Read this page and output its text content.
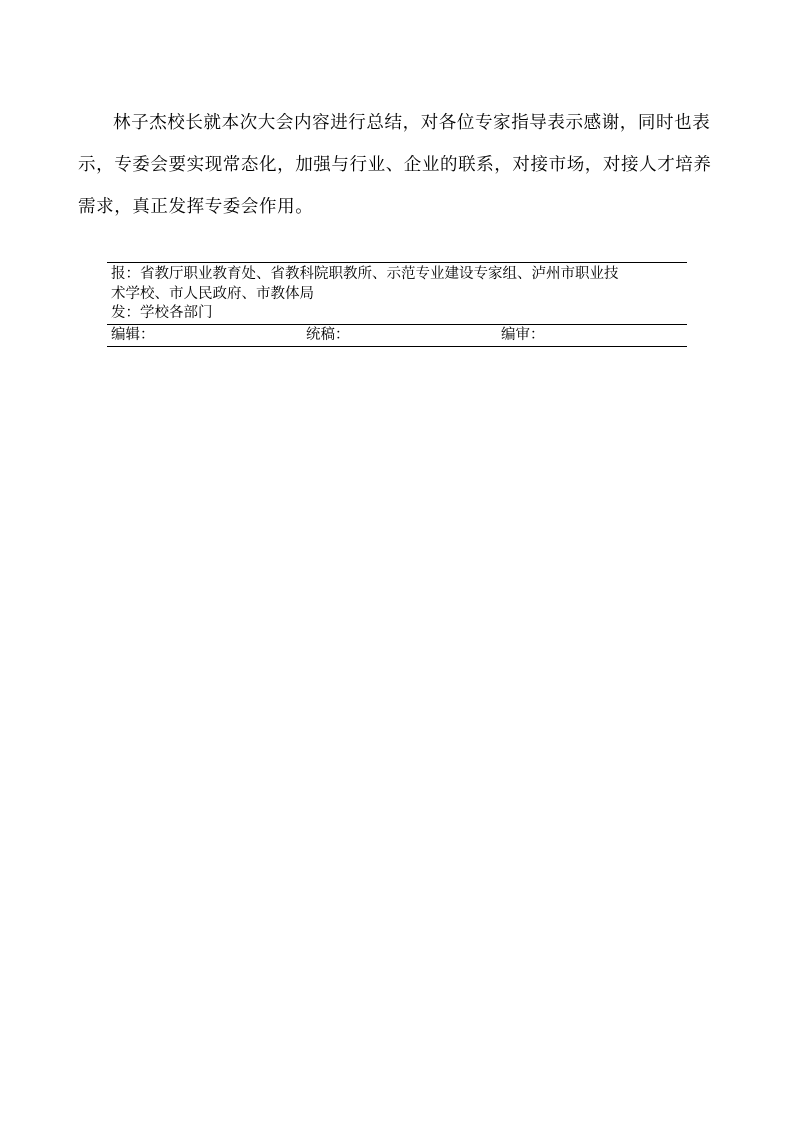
林子杰校长就本次大会内容进行总结，对各位专家指导表示感谢，同时也表示，专委会要实现常态化，加强与行业、企业的联系，对接市场，对接人才培养需求，真正发挥专委会作用。

报：省教厅职业教育处、省教科院职教所、示范专业建设专家组、泸州市职业技
术学校、市人民政府、市教体局
发：学校各部门
编辑：	统稿：	编审：
